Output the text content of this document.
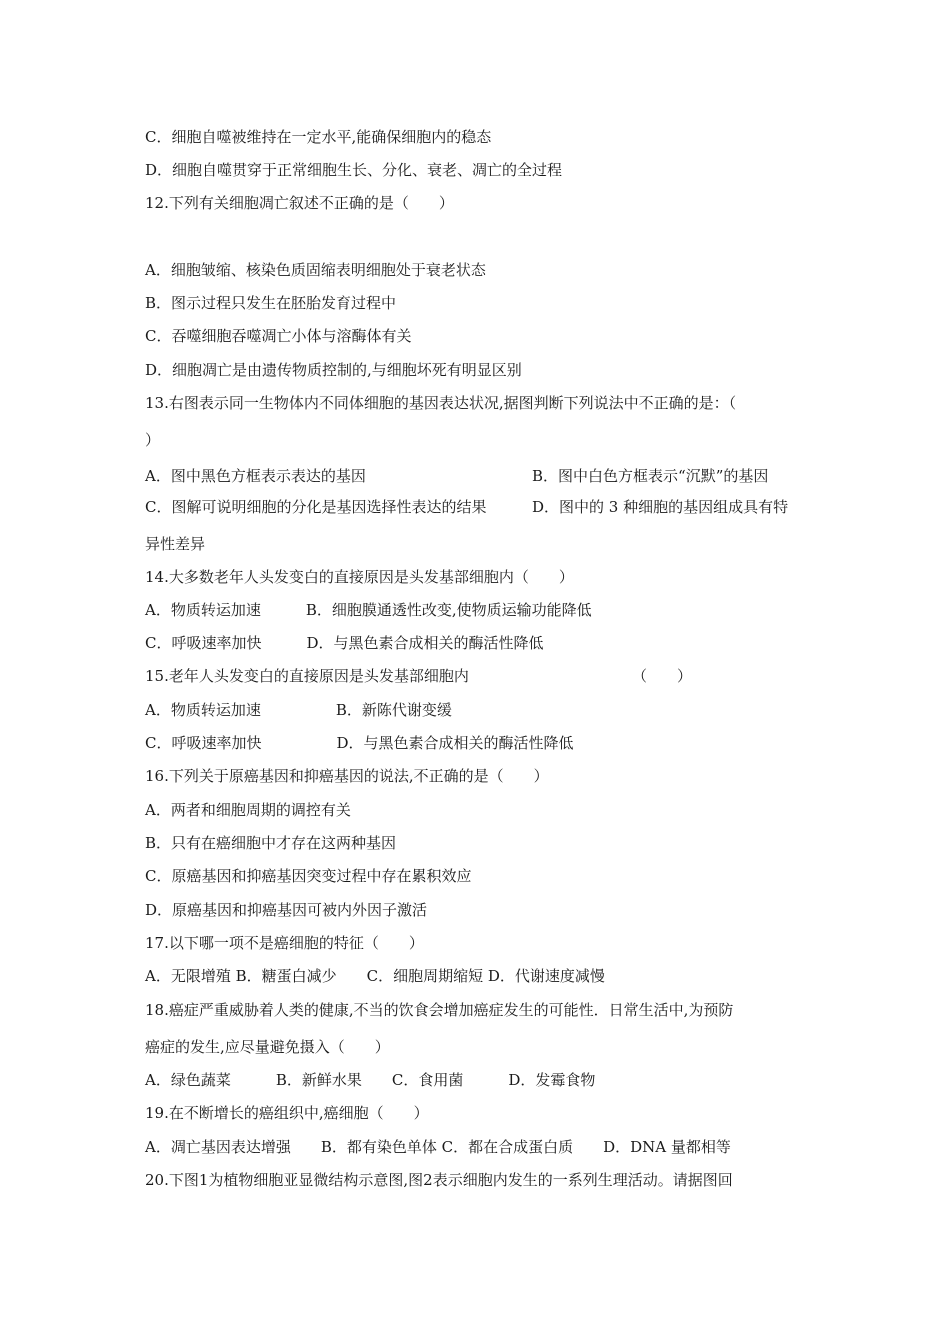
C．细胞自噬被维持在一定水平,能确保细胞内的稳态
D．细胞自噬贯穿于正常细胞生长、分化、衰老、凋亡的全过程
12.下列有关细胞凋亡叙述不正确的是（　　）
A．细胞皱缩、核染色质固缩表明细胞处于衰老状态
B．图示过程只发生在胚胎发育过程中
C．吞噬细胞吞噬凋亡小体与溶酶体有关
D．细胞凋亡是由遗传物质控制的,与细胞坏死有明显区别
13.右图表示同一生物体内不同体细胞的基因表达状况,据图判断下列说法中不正确的是：（
）
A．图中黑色方框表示表达的基因	B．图中白色方框表示“沉默”的基因
C．图解可说明细胞的分化是基因选择性表达的结果	D．图中的 3 种细胞的基因组成具有特
异性差异
14.大多数老年人头发变白的直接原因是头发基部细胞内（　　）
A．物质转运加速　　　B．细胞膜通透性改变,使物质运输功能降低
C．呼吸速率加快　　　D．与黑色素合成相关的酶活性降低
15.老年人头发变白的直接原因是头发基部细胞内	（　　）
A．物质转运加速　　　　　B．新陈代谢变缓
C．呼吸速率加快　　　　　D．与黑色素合成相关的酶活性降低
16.下列关于原癌基因和抑癌基因的说法,不正确的是（　　）
A．两者和细胞周期的调控有关
B．只有在癌细胞中才存在这两种基因
C．原癌基因和抑癌基因突变过程中存在累积效应
D．原癌基因和抑癌基因可被内外因子激活
17.以下哪一项不是癌细胞的特征（　　）
A．无限增殖 B．糖蛋白减少　　C．细胞周期缩短 D．代谢速度减慢
18.癌症严重威胁着人类的健康,不当的饮食会增加癌症发生的可能性．日常生活中,为预防
癌症的发生,应尽量避免摄入（　　）
A．绿色蔬菜　　　B．新鲜水果　　C．食用菌　　　D．发霉食物
19.在不断增长的癌组织中,癌细胞（　　）
A．凋亡基因表达增强　　B．都有染色单体 C．都在合成蛋白质　　D．DNA 量都相等
20.下图1为植物细胞亚显微结构示意图,图2表示细胞内发生的一系列生理活动。请据图回
